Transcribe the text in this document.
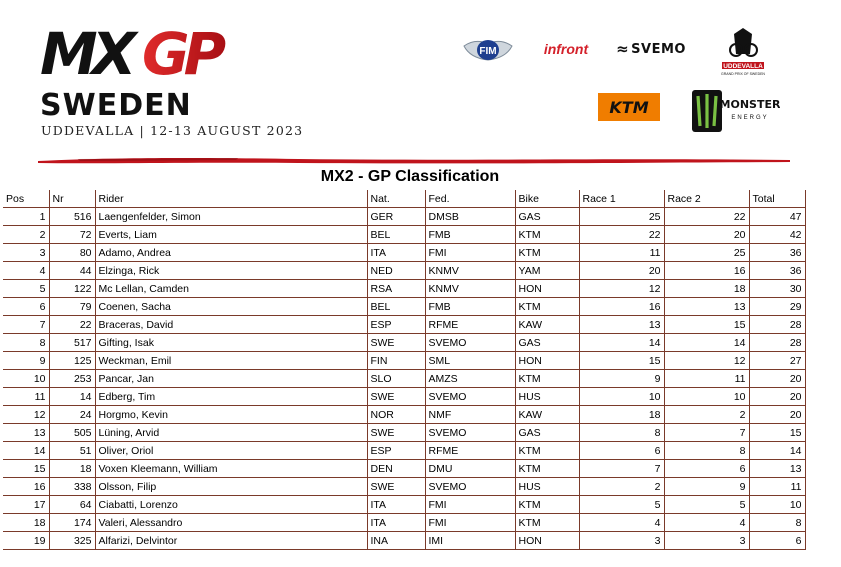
MX GP
SWEDEN
UDDEVALLA | 12-13 AUGUST 2023
FIM	infront ≈ SVEMO
UDDEVALLA
GRAND PRIX OF SWEDEN
KTM	MONSTER
ENERGY
MX2 - GP Classification
Pos	Nr	Rider	Nat.	Fed.	Bike	Race 1	Race 2	Total
1	516	Laengenfelder, Simon	GER	DMSB	GAS	25	22	47
2	72	Everts, Liam	BEL	FMB	KTM	22	20	42
3	80	Adamo, Andrea	ITA	FMI	KTM	11	25	36
4	44	Elzinga, Rick	NED	KNMV	YAM	20	16	36
5	122	Mc Lellan, Camden	RSA	KNMV	HON	12	18	30
6	79	Coenen, Sacha	BEL	FMB	KTM	16	13	29
7	22	Braceras, David	ESP	RFME	KAW	13	15	28
8	517	Gifting, Isak	SWE	SVEMO	GAS	14	14	28
9	125	Weckman, Emil	FIN	SML	HON	15	12	27
10	253	Pancar, Jan	SLO	AMZS	KTM	9	11	20
11	14	Edberg, Tim	SWE	SVEMO	HUS	10	10	20
12	24	Horgmo, Kevin	NOR	NMF	KAW	18	2	20
13	505	Lüning, Arvid	SWE	SVEMO	GAS	8	7	15
14	51	Oliver, Oriol	ESP	RFME	KTM	6	8	14
15	18	Voxen Kleemann, William	DEN	DMU	KTM	7	6	13
16	338	Olsson, Filip	SWE	SVEMO	HUS	2	9	11
17	64	Ciabatti, Lorenzo	ITA	FMI	KTM	5	5	10
18	174	Valeri, Alessandro	ITA	FMI	KTM	4	4	8
19	325	Alfarizi, Delvintor	INA	IMI	HON	3	3	6
